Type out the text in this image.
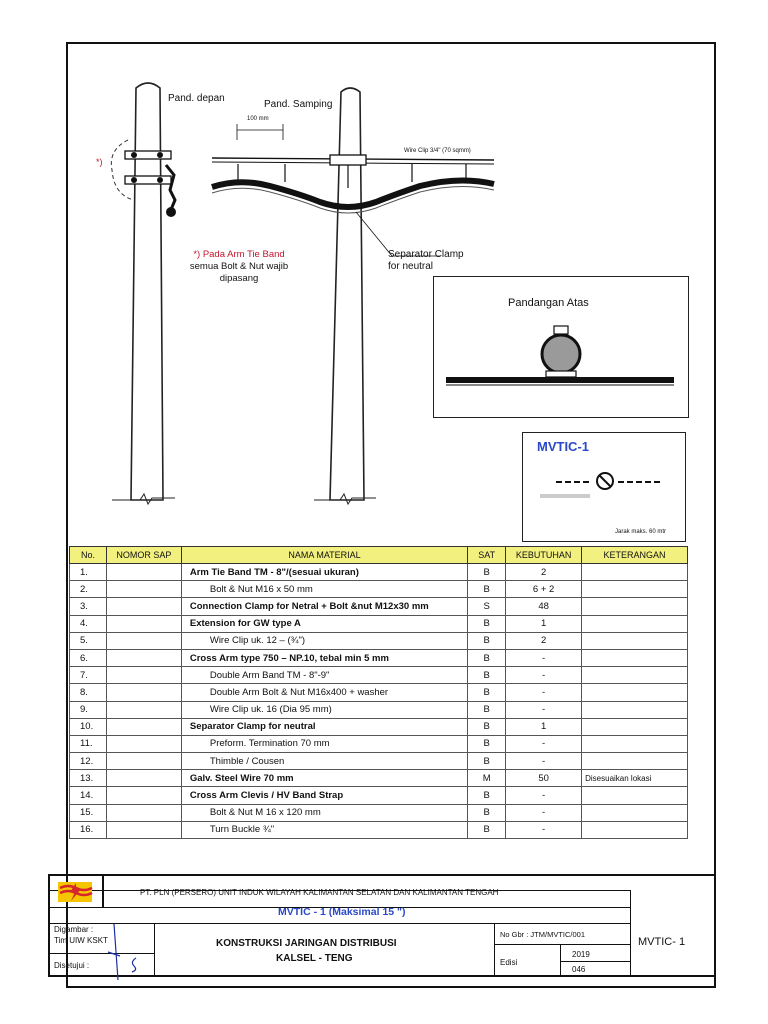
Pand. depan
Pand. Samping
100 mm
Wire Clip 3/4" (70 sqmm)
*)
*) Pada Arm Tie Band
semua Bolt & Nut wajib
dipasang
Separator Clamp
for neutral
Pandangan Atas
MVTIC-1
Jarak maks. 60 mtr
No.	NOMOR SAP	NAMA MATERIAL	SAT	KEBUTUHAN	KETERANGAN
1.		Arm Tie Band TM - 8"/(sesuai ukuran)	B	2	
2.		Bolt & Nut M16 x 50 mm	B	6 + 2	
3.		Connection Clamp for Netral + Bolt &nut M12x30 mm	S	48	
4.		Extension for GW type A	B	1	
5.		Wire Clip uk. 12 – (¾")	B	2	
6.		Cross Arm type 750 – NP.10, tebal min 5 mm	B	-	
7.		Double Arm Band TM - 8"-9"	B	-	
8.		Double Arm Bolt & Nut M16x400 + washer	B	-	
9.		Wire Clip uk. 16 (Dia 95 mm)	B	-	
10.		Separator Clamp for neutral	B	1	
11.		Preform. Termination 70 mm	B	-	
12.		Thimble / Cousen	B	-	
13.		Galv. Steel Wire 70 mm	M	50	Disesuaikan lokasi
14.		Cross Arm Clevis / HV Band Strap	B	-	
15.		Bolt & Nut M 16 x 120 mm	B	-	
16.		Turn Buckle ¾"	B	-	
PT. PLN (PERSERO) UNIT INDUK WILAYAH KALIMANTAN SELATAN DAN KALIMANTAN TENGAH
MVTIC - 1 (Maksimal 15 ")
Digambar :
Tim UIW KSKT
Disetujui :
KONSTRUKSI JARINGAN DISTRIBUSI
KALSEL - TENG
No Gbr : JTM/MVTIC/001
Edisi
2019
046
MVTIC- 1
